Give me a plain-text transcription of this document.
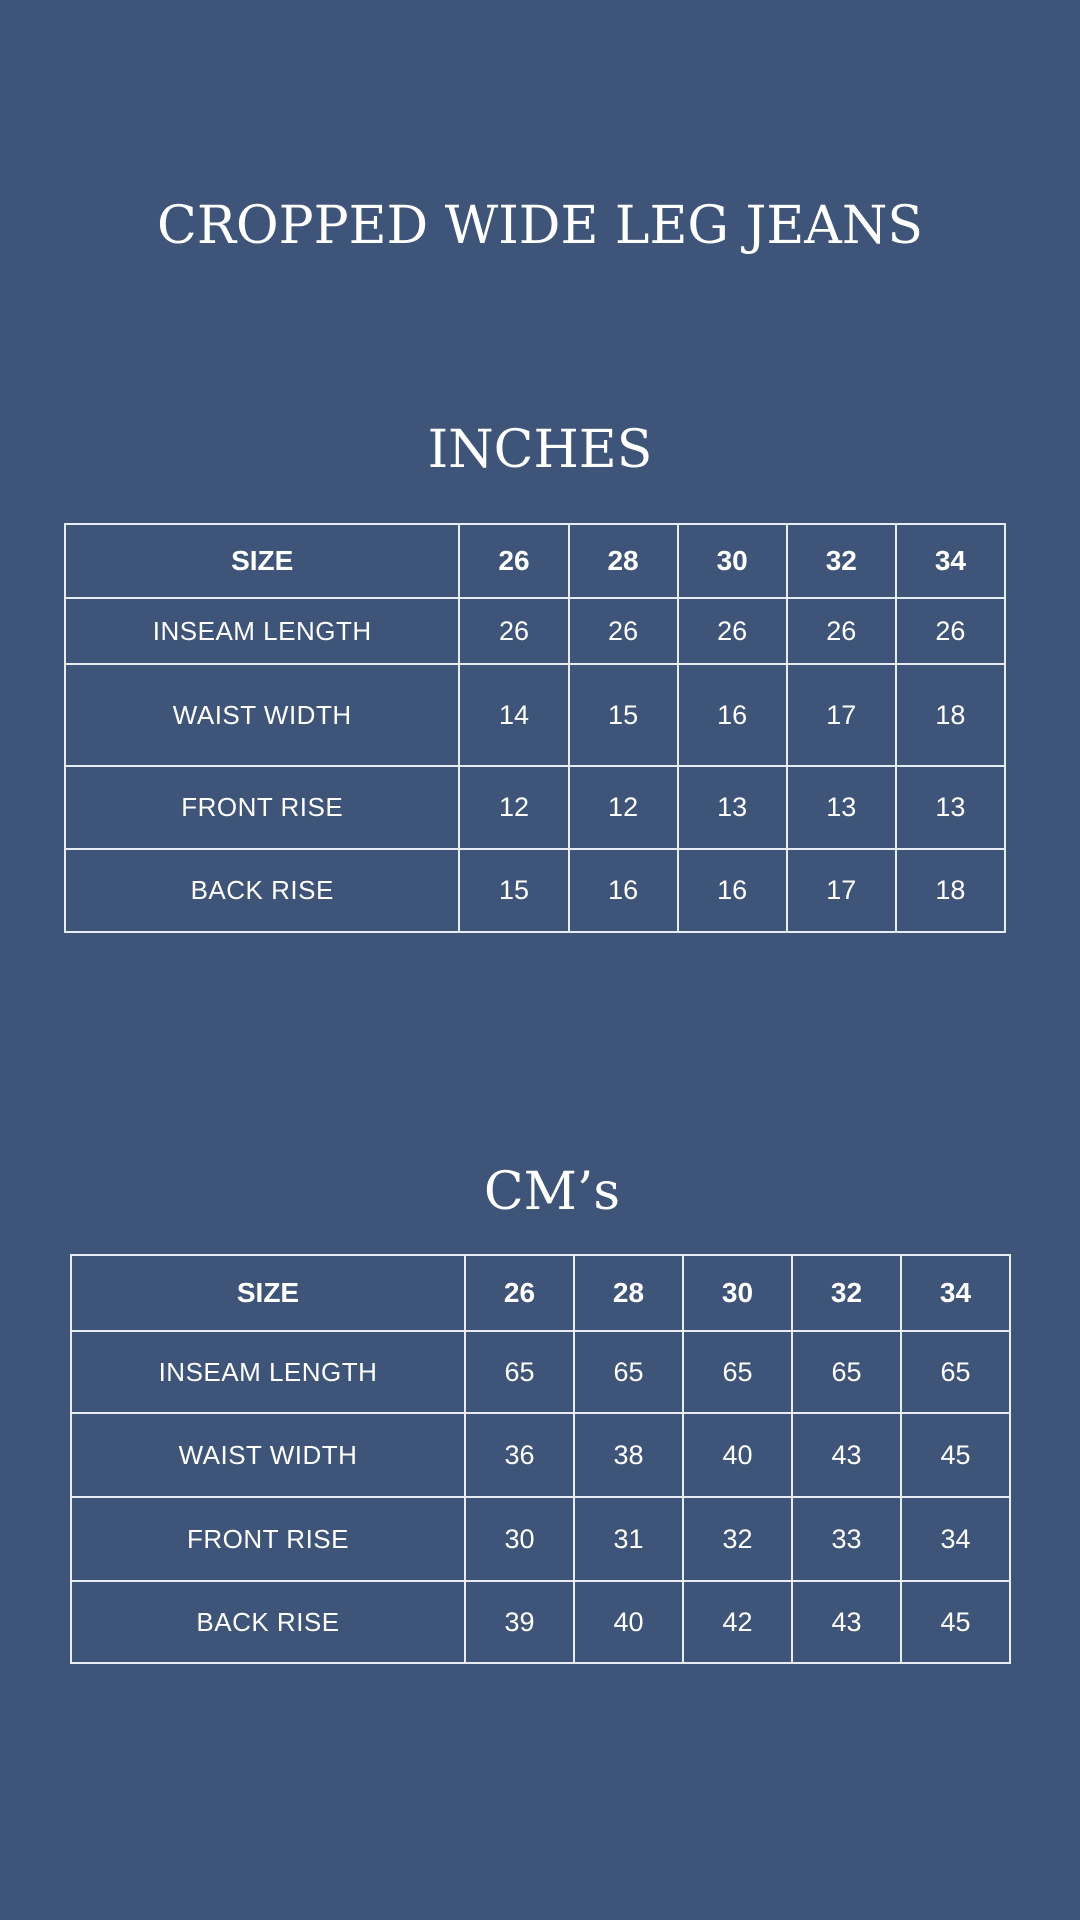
CROPPED WIDE LEG JEANS
INCHES
SIZE	26	28	30	32	34
INSEAM LENGTH	26	26	26	26	26
WAIST WIDTH	14	15	16	17	18
FRONT RISE	12	12	13	13	13
BACK RISE	15	16	16	17	18
CM’s
SIZE	26	28	30	32	34
INSEAM LENGTH	65	65	65	65	65
WAIST WIDTH	36	38	40	43	45
FRONT RISE	30	31	32	33	34
BACK RISE	39	40	42	43	45
